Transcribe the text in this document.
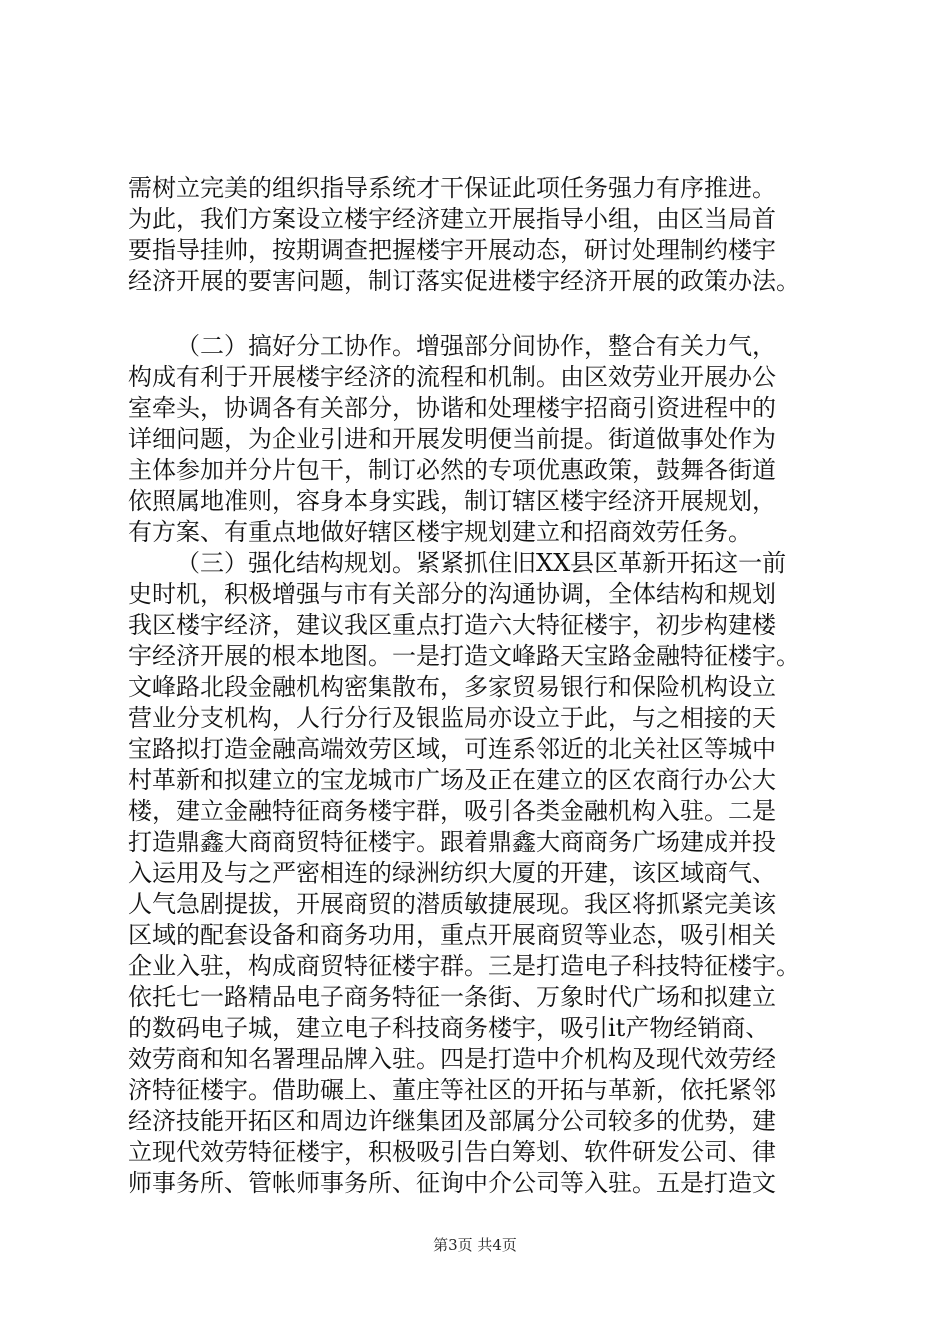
需树立完美的组织指导系统才干保证此项任务强力有序推进。
为此，我们方案设立楼宇经济建立开展指导小组，由区当局首
要指导挂帅，按期调查把握楼宇开展动态，研讨处理制约楼宇
经济开展的要害问题，制订落实促进楼宇经济开展的政策办法。
（二）搞好分工协作。增强部分间协作，整合有关力气，
构成有利于开展楼宇经济的流程和机制。由区效劳业开展办公
室牵头，协调各有关部分，协谐和处理楼宇招商引资进程中的
详细问题，为企业引进和开展发明便当前提。街道做事处作为
主体参加并分片包干，制订必然的专项优惠政策，鼓舞各街道
依照属地准则，容身本身实践，制订辖区楼宇经济开展规划，
有方案、有重点地做好辖区楼宇规划建立和招商效劳任务。
（三）强化结构规划。紧紧抓住旧XX县区革新开拓这一前
史时机，积极增强与市有关部分的沟通协调，全体结构和规划
我区楼宇经济，建议我区重点打造六大特征楼宇，初步构建楼
宇经济开展的根本地图。一是打造文峰路天宝路金融特征楼宇。
文峰路北段金融机构密集散布，多家贸易银行和保险机构设立
营业分支机构，人行分行及银监局亦设立于此，与之相接的天
宝路拟打造金融高端效劳区域，可连系邻近的北关社区等城中
村革新和拟建立的宝龙城市广场及正在建立的区农商行办公大
楼，建立金融特征商务楼宇群，吸引各类金融机构入驻。二是
打造鼎鑫大商商贸特征楼宇。跟着鼎鑫大商商务广场建成并投
入运用及与之严密相连的绿洲纺织大厦的开建，该区域商气、
人气急剧提拔，开展商贸的潜质敏捷展现。我区将抓紧完美该
区域的配套设备和商务功用，重点开展商贸等业态，吸引相关
企业入驻，构成商贸特征楼宇群。三是打造电子科技特征楼宇。
依托七一路精品电子商务特征一条街、万象时代广场和拟建立
的数码电子城，建立电子科技商务楼宇，吸引it产物经销商、
效劳商和知名署理品牌入驻。四是打造中介机构及现代效劳经
济特征楼宇。借助碾上、董庄等社区的开拓与革新，依托紧邻
经济技能开拓区和周边许继集团及部属分公司较多的优势，建
立现代效劳特征楼宇，积极吸引告白筹划、软件研发公司、律
师事务所、管帐师事务所、征询中介公司等入驻。五是打造文
第3页 共4页
